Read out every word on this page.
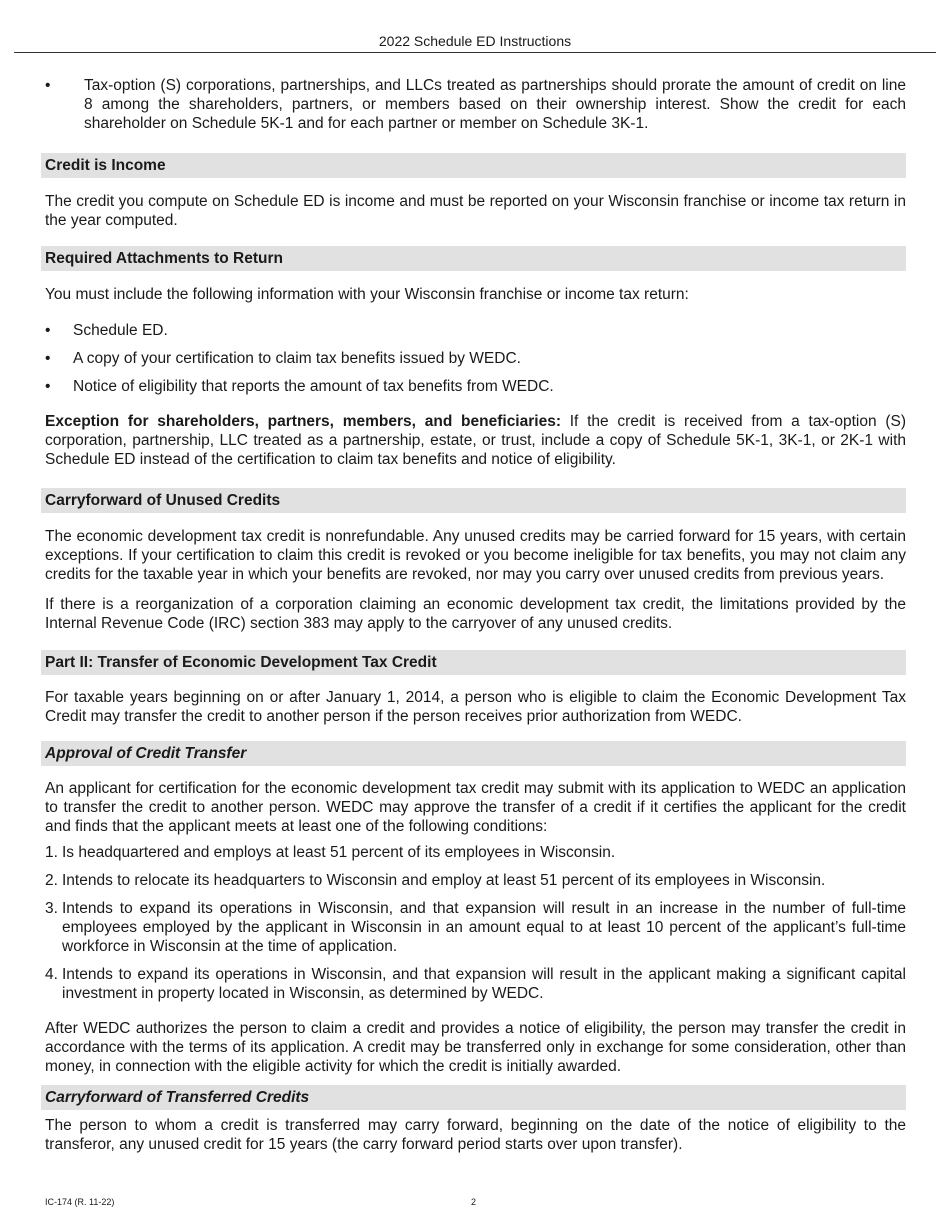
2022 Schedule ED Instructions

• Tax-option (S) corporations, partnerships, and LLCs treated as partnerships should prorate the amount of credit on line 8 among the shareholders, partners, or members based on their ownership interest. Show the credit for each shareholder on Schedule 5K-1 and for each partner or member on Schedule 3K-1.

Credit is Income

The credit you compute on Schedule ED is income and must be reported on your Wisconsin franchise or income tax return in the year computed.

Required Attachments to Return

You must include the following information with your Wisconsin franchise or income tax return:

• Schedule ED.

• A copy of your certification to claim tax benefits issued by WEDC.

• Notice of eligibility that reports the amount of tax benefits from WEDC.

Exception for shareholders, partners, members, and beneficiaries: If the credit is received from a tax-option (S) corporation, partnership, LLC treated as a partnership, estate, or trust, include a copy of Schedule 5K-1, 3K-1, or 2K-1 with Schedule ED instead of the certification to claim tax benefits and notice of eligibility.

Carryforward of Unused Credits

The economic development tax credit is nonrefundable. Any unused credits may be carried forward for 15 years, with certain exceptions. If your certification to claim this credit is revoked or you become ineligible for tax benefits, you may not claim any credits for the taxable year in which your benefits are revoked, nor may you carry over unused credits from previous years.

If there is a reorganization of a corporation claiming an economic development tax credit, the limitations provided by the Internal Revenue Code (IRC) section 383 may apply to the carryover of any unused credits.

Part II: Transfer of Economic Development Tax Credit

For taxable years beginning on or after January 1, 2014, a person who is eligible to claim the Economic Development Tax Credit may transfer the credit to another person if the person receives prior authorization from WEDC.

Approval of Credit Transfer

An applicant for certification for the economic development tax credit may submit with its application to WEDC an application to transfer the credit to another person. WEDC may approve the transfer of a credit if it certifies the applicant for the credit and finds that the applicant meets at least one of the following conditions:

1. Is headquartered and employs at least 51 percent of its employees in Wisconsin.

2. Intends to relocate its headquarters to Wisconsin and employ at least 51 percent of its employees in Wisconsin.

3. Intends to expand its operations in Wisconsin, and that expansion will result in an increase in the number of full-time employees employed by the applicant in Wisconsin in an amount equal to at least 10 percent of the applicant’s full-time workforce in Wisconsin at the time of application.

4. Intends to expand its operations in Wisconsin, and that expansion will result in the applicant making a significant capital investment in property located in Wisconsin, as determined by WEDC.

After WEDC authorizes the person to claim a credit and provides a notice of eligibility, the person may transfer the credit in accordance with the terms of its application. A credit may be transferred only in exchange for some consideration, other than money, in connection with the eligible activity for which the credit is initially awarded.

Carryforward of Transferred Credits

The person to whom a credit is transferred may carry forward, beginning on the date of the notice of eligibility to the transferor, any unused credit for 15 years (the carry forward period starts over upon transfer).

IC-174 (R. 11-22)	2
